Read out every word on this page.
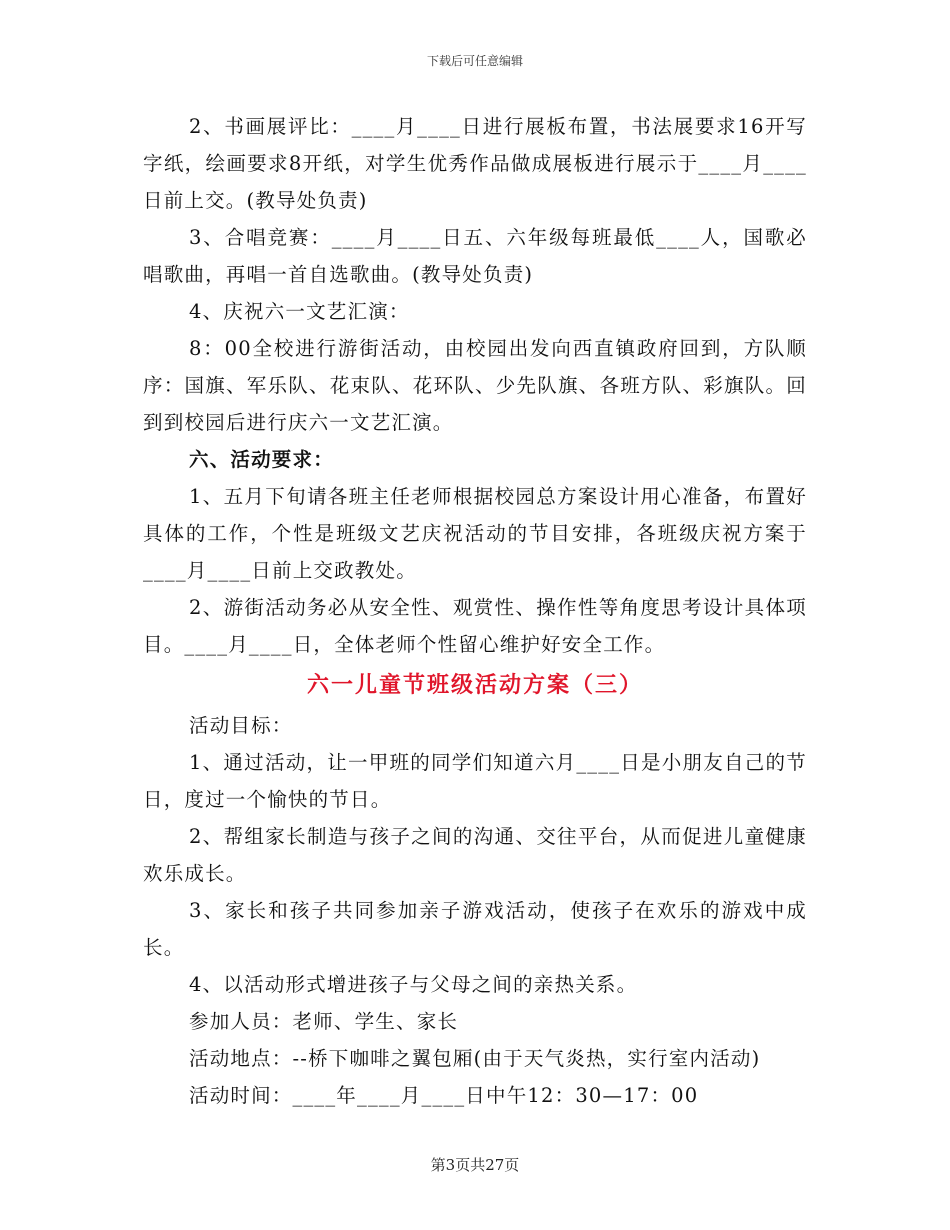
下载后可任意编辑

2、书画展评比：____月____日进行展板布置，书法展要求16开写字纸，绘画要求8开纸，对学生优秀作品做成展板进行展示于____月____日前上交。(教导处负责)

3、合唱竞赛：____月____日五、六年级每班最低____人，国歌必唱歌曲，再唱一首自选歌曲。(教导处负责)

4、庆祝六一文艺汇演：

8：00全校进行游街活动，由校园出发向西直镇政府回到，方队顺序：国旗、军乐队、花束队、花环队、少先队旗、各班方队、彩旗队。回到到校园后进行庆六一文艺汇演。

六、活动要求：

1、五月下旬请各班主任老师根据校园总方案设计用心准备，布置好具体的工作，个性是班级文艺庆祝活动的节目安排，各班级庆祝方案于____月____日前上交政教处。

2、游街活动务必从安全性、观赏性、操作性等角度思考设计具体项目。____月____日，全体老师个性留心维护好安全工作。

六一儿童节班级活动方案（三）

活动目标：

1、通过活动，让一甲班的同学们知道六月____日是小朋友自己的节日，度过一个愉快的节日。

2、帮组家长制造与孩子之间的沟通、交往平台，从而促进儿童健康欢乐成长。

3、家长和孩子共同参加亲子游戏活动，使孩子在欢乐的游戏中成长。

4、以活动形式增进孩子与父母之间的亲热关系。

参加人员：老师、学生、家长

活动地点：--桥下咖啡之翼包厢(由于天气炎热，实行室内活动)

活动时间：____年____月____日中午12：30—17：00

第3页共27页
